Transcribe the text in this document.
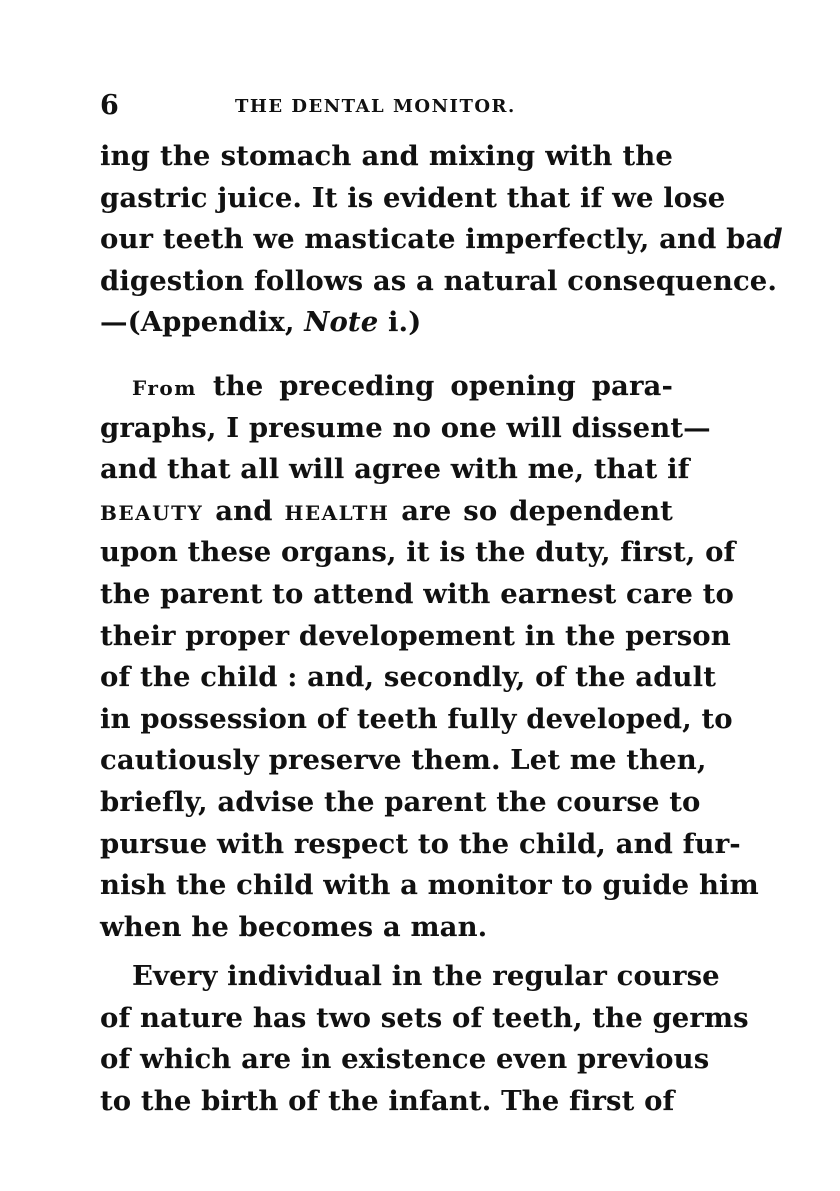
6	THE DENTAL MONITOR.
ing the stomach and mixing with the
gastric juice. It is evident that if we lose
our teeth we masticate imperfectly, and bad
digestion follows as a natural consequence.
—(Appendix, Note i.)
From the preceding opening para-
graphs, I presume no one will dissent—
and that all will agree with me, that if
BEAUTY and HEALTH are so dependent
upon these organs, it is the duty, first, of
the parent to attend with earnest care to
their proper developement in the person
of the child : and, secondly, of the adult
in possession of teeth fully developed, to
cautiously preserve them. Let me then,
briefly, advise the parent the course to
pursue with respect to the child, and fur-
nish the child with a monitor to guide him
when he becomes a man.
Every individual in the regular course
of nature has two sets of teeth, the germs
of which are in existence even previous
to the birth of the infant. The first of
